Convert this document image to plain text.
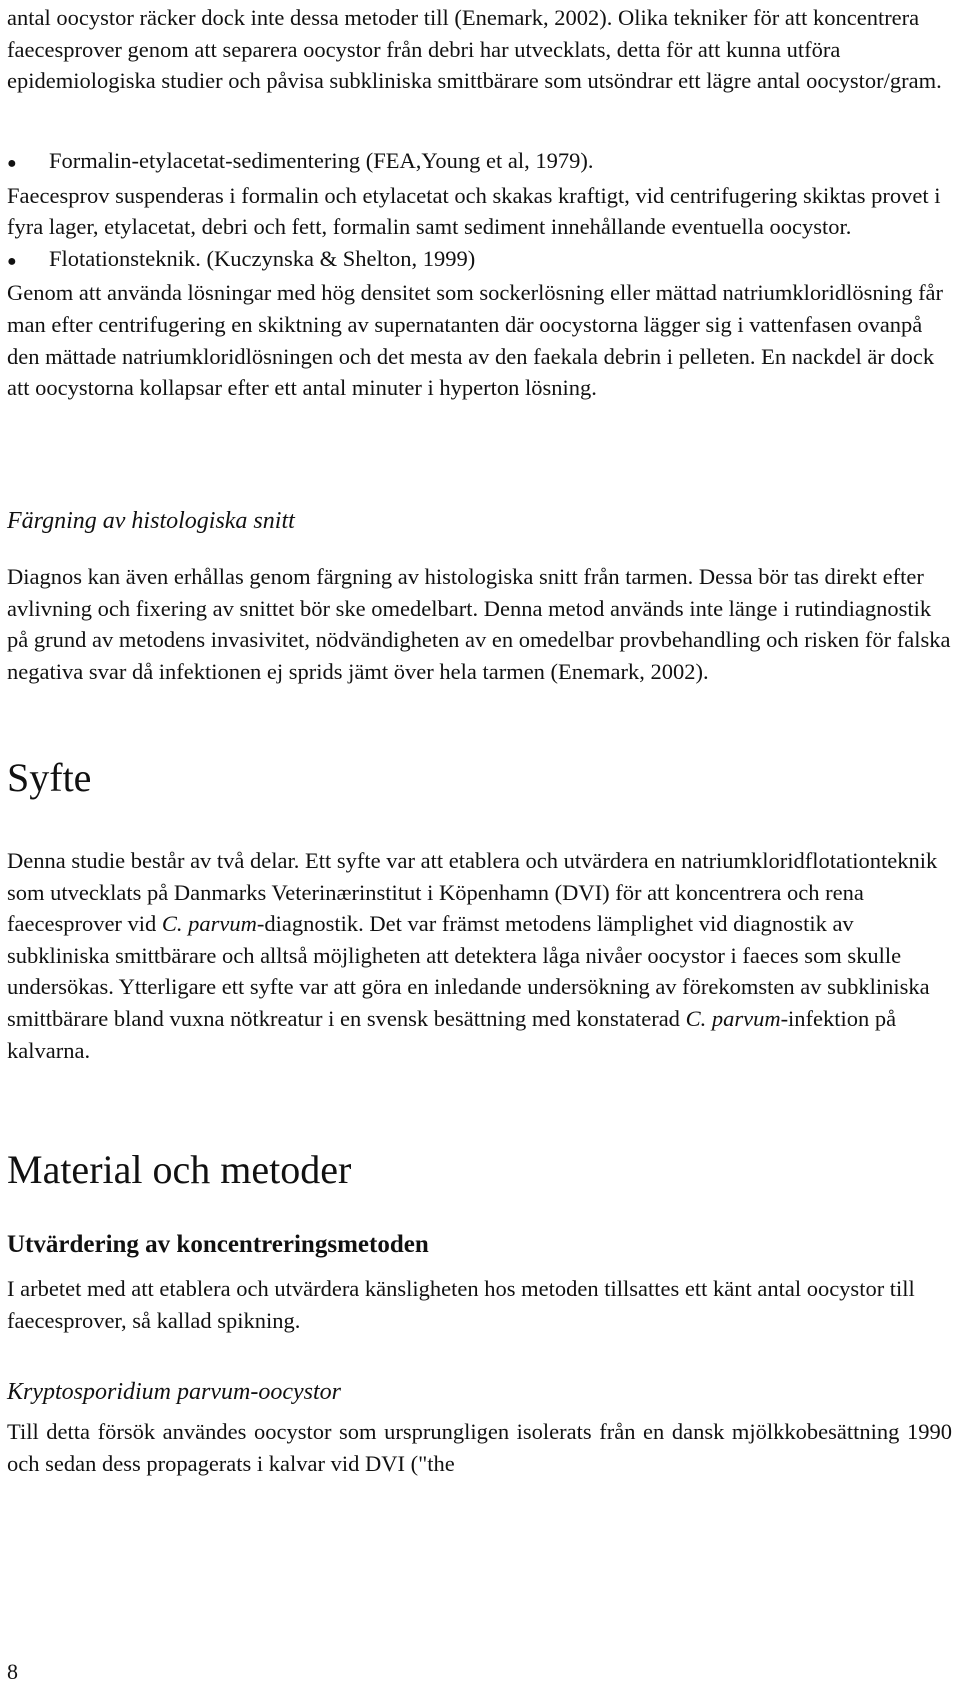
antal oocystor räcker dock inte dessa metoder till (Enemark, 2002). Olika tekniker för att koncentrera faecesprover genom att separera oocystor från debri har utvecklats, detta för att kunna utföra epidemiologiska studier och påvisa subkliniska smittbärare som utsöndrar ett lägre antal oocystor/gram.

●	Formalin-etylacetat-sedimentering (FEA,Young et al, 1979).

Faecesprov suspenderas i formalin och etylacetat och skakas kraftigt, vid centrifugering skiktas provet i fyra lager, etylacetat, debri och fett, formalin samt sediment innehållande eventuella oocystor.

●	Flotationsteknik. (Kuczynska & Shelton, 1999)

Genom att använda lösningar med hög densitet som sockerlösning eller mättad natriumkloridlösning får man efter centrifugering en skiktning av supernatanten där oocystorna lägger sig i vattenfasen ovanpå den mättade natriumkloridlösningen och det mesta av den faekala debrin i pelleten. En nackdel är dock att oocystorna kollapsar efter ett antal minuter i hyperton lösning.

Färgning av histologiska snitt

Diagnos kan även erhållas genom färgning av histologiska snitt från tarmen. Dessa bör tas direkt efter avlivning och fixering av snittet bör ske omedelbart. Denna metod används inte länge i rutindiagnostik på grund av metodens invasivitet, nödvändigheten av en omedelbar provbehandling och risken för falska negativa svar då infektionen ej sprids jämt över hela tarmen (Enemark, 2002).

Syfte

Denna studie består av två delar. Ett syfte var att etablera och utvärdera en natriumkloridflotationteknik som utvecklats på Danmarks Veterinærinstitut i Köpenhamn (DVI) för att koncentrera och rena faecesprover vid C. parvum-diagnostik. Det var främst metodens lämplighet vid diagnostik av subkliniska smittbärare och alltså möjligheten att detektera låga nivåer oocystor i faeces som skulle undersökas. Ytterligare ett syfte var att göra en inledande undersökning av förekomsten av subkliniska smittbärare bland vuxna nötkreatur i en svensk besättning med konstaterad C. parvum-infektion på kalvarna.

Material och metoder
Utvärdering av koncentreringsmetoden

I arbetet med att etablera och utvärdera känsligheten hos metoden tillsattes ett känt antal oocystor till faecesprover, så kallad spikning.

Kryptosporidium parvum-oocystor

Till detta försök användes oocystor som ursprungligen isolerats från en dansk mjölkkobesättning 1990 och sedan dess propagerats i kalvar vid DVI ("the

8
